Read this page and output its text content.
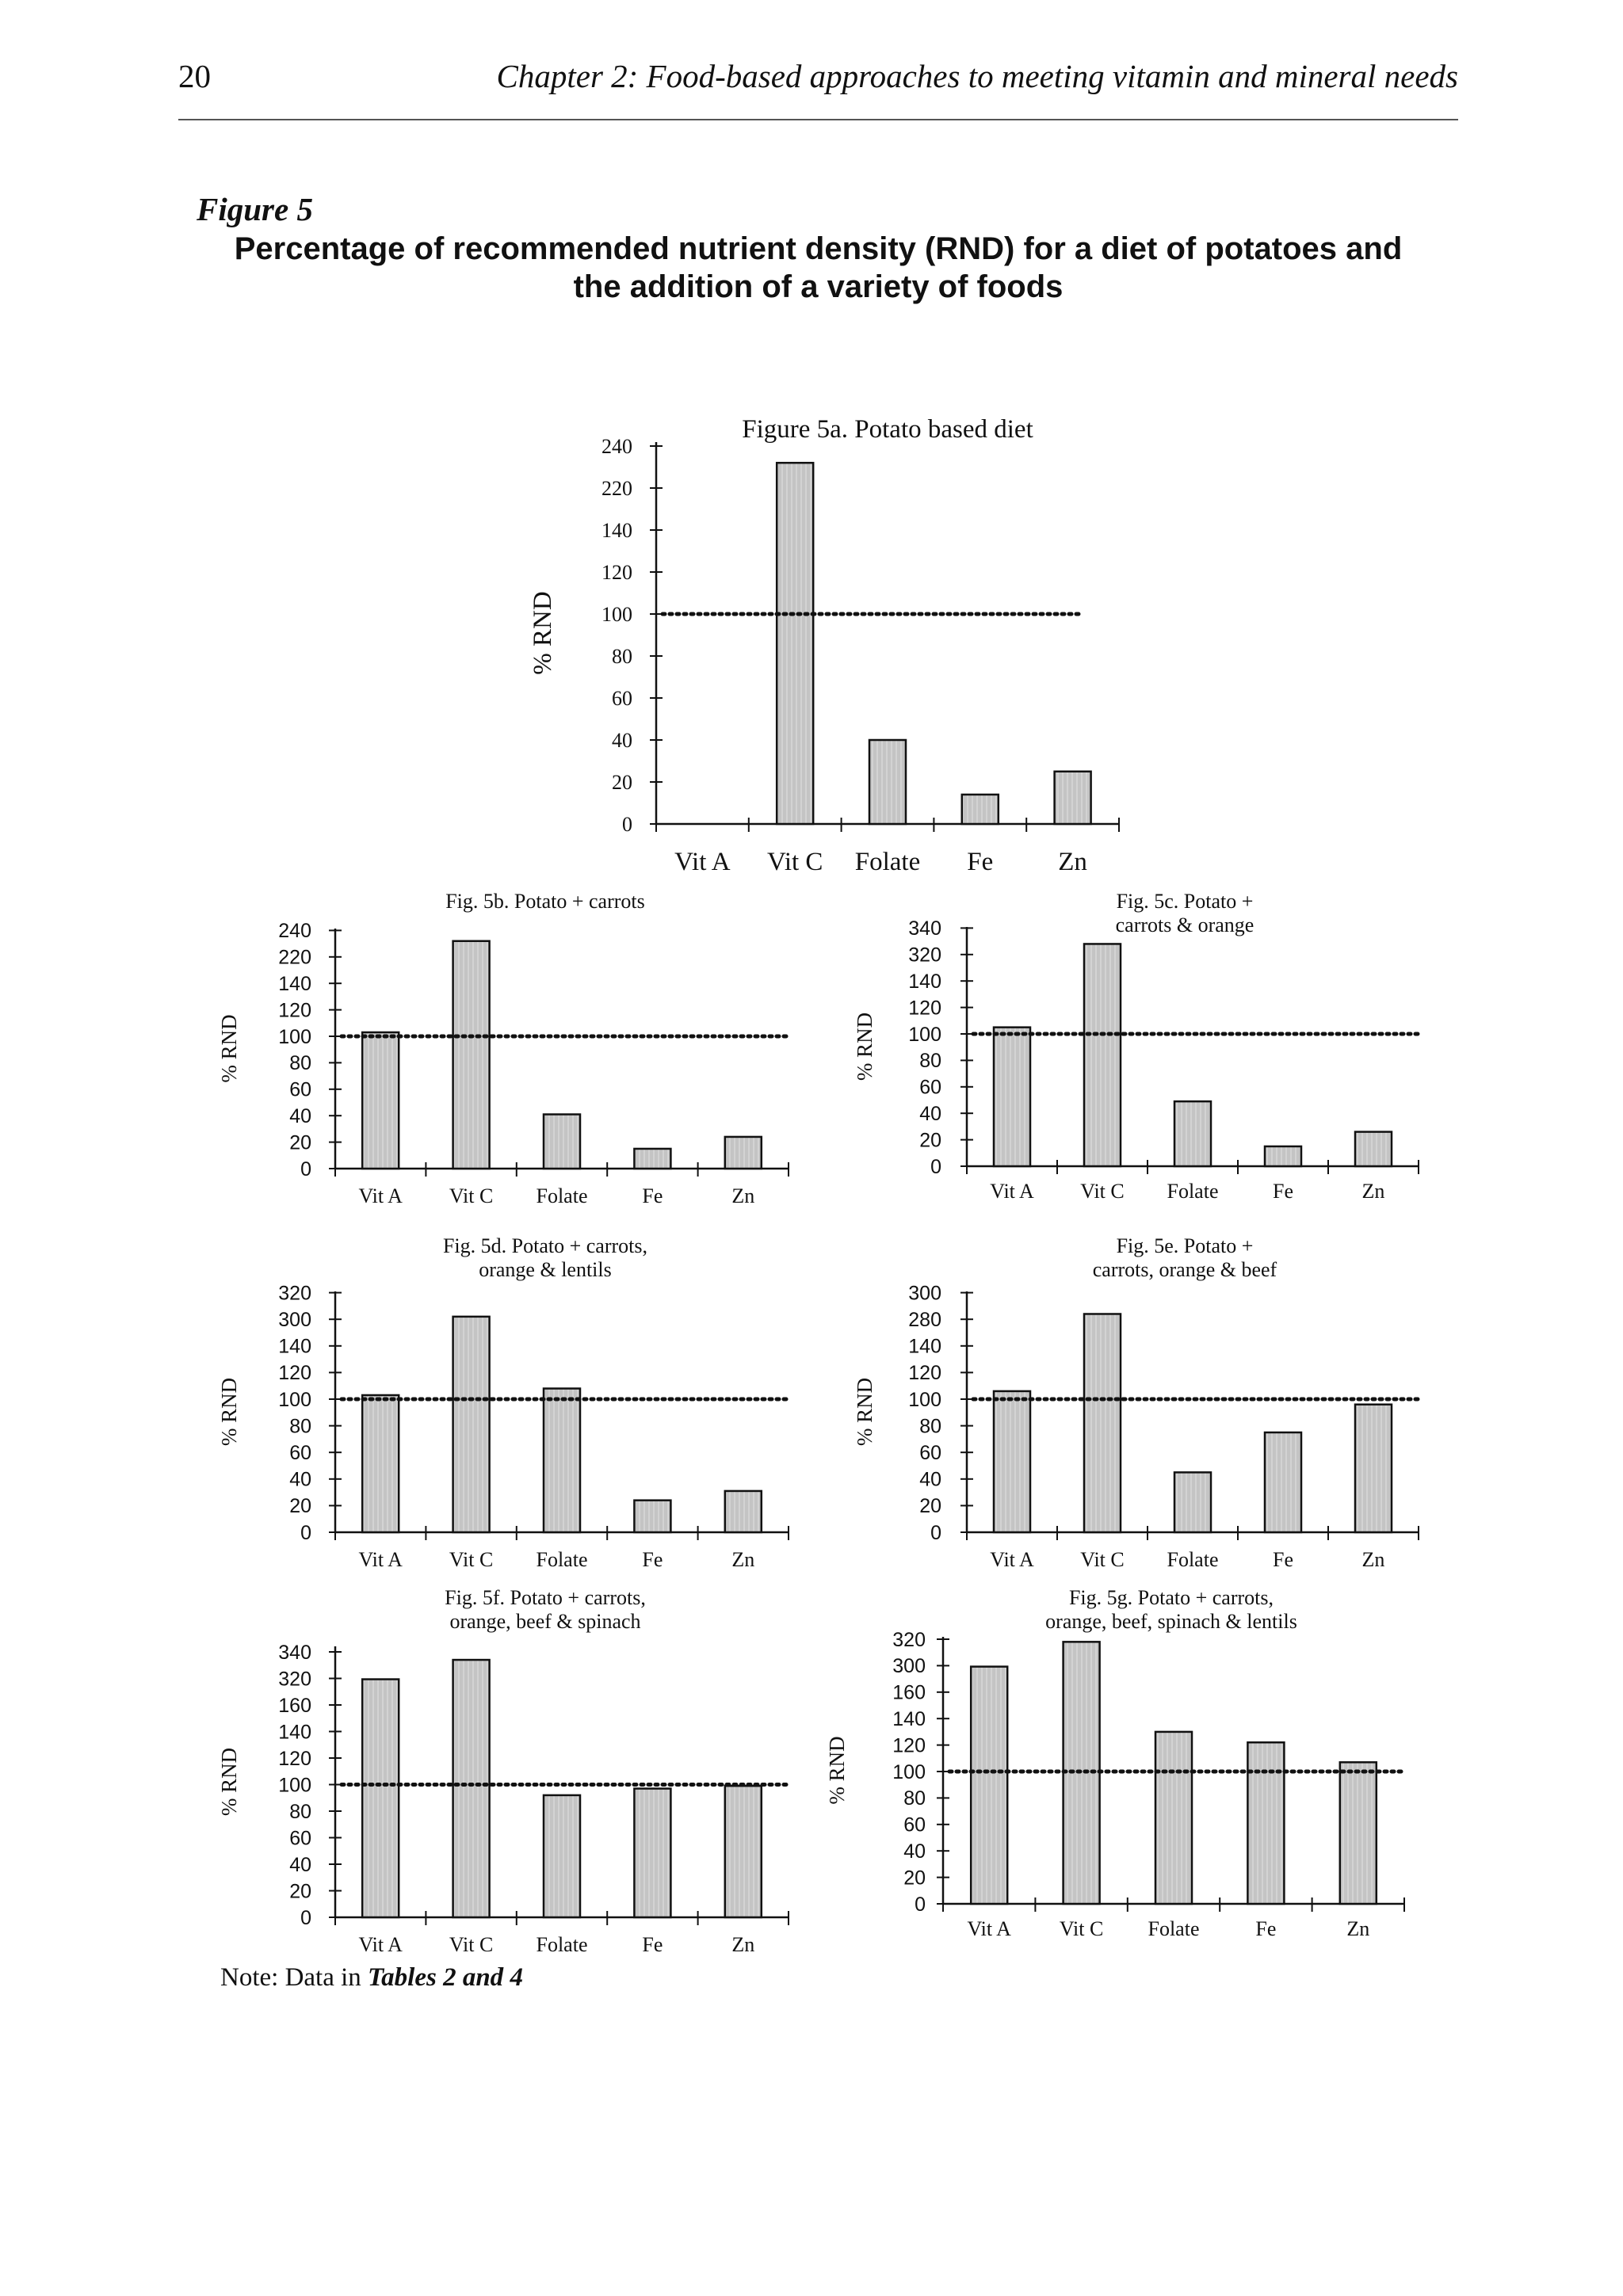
20	Chapter 2: Food-based approaches to meeting vitamin and mineral needs
Figure 5
Percentage of recommended nutrient density (RND) for a diet of potatoes and
the addition of a variety of foods
0
20
40
60
80
100
120
140
220
240
Vit A Vit C Folate Fe Zn
Figure 5a. Potato based diet
% RND
0
20
40
60
80
100
120
140
220
240
Vit A Vit C Folate	Fe	Zn
Fig. 5b. Potato + carrots
% RND
0
20
40
60
80
100
120
140
320
340
Vit A Vit C Folate	Fe	Zn
Fig. 5c. Potato +
carrots & orange
% RND
0
20
40
60
80
100
120
140
300
320
Vit A Vit C Folate	Fe	Zn
Fig. 5d. Potato + carrots,
orange & lentils
% RND
0
20
40
60
80
100
120
140
280
300
Vit A Vit C Folate	Fe	Zn
Fig. 5e. Potato +
carrots, orange & beef
% RND
0
20
40
60
80
100
120
140
160
320
340
Vit A Vit C Folate	Fe	Zn
Fig. 5f. Potato + carrots,
orange, beef & spinach
% RND
0
20
40
60
80
100
120
140
160
300
320
Vit A Vit C Folate	Fe	Zn
Fig. 5g. Potato + carrots,
orange, beef, spinach & lentils
% RND
Note: Data in Tables 2 and 4
